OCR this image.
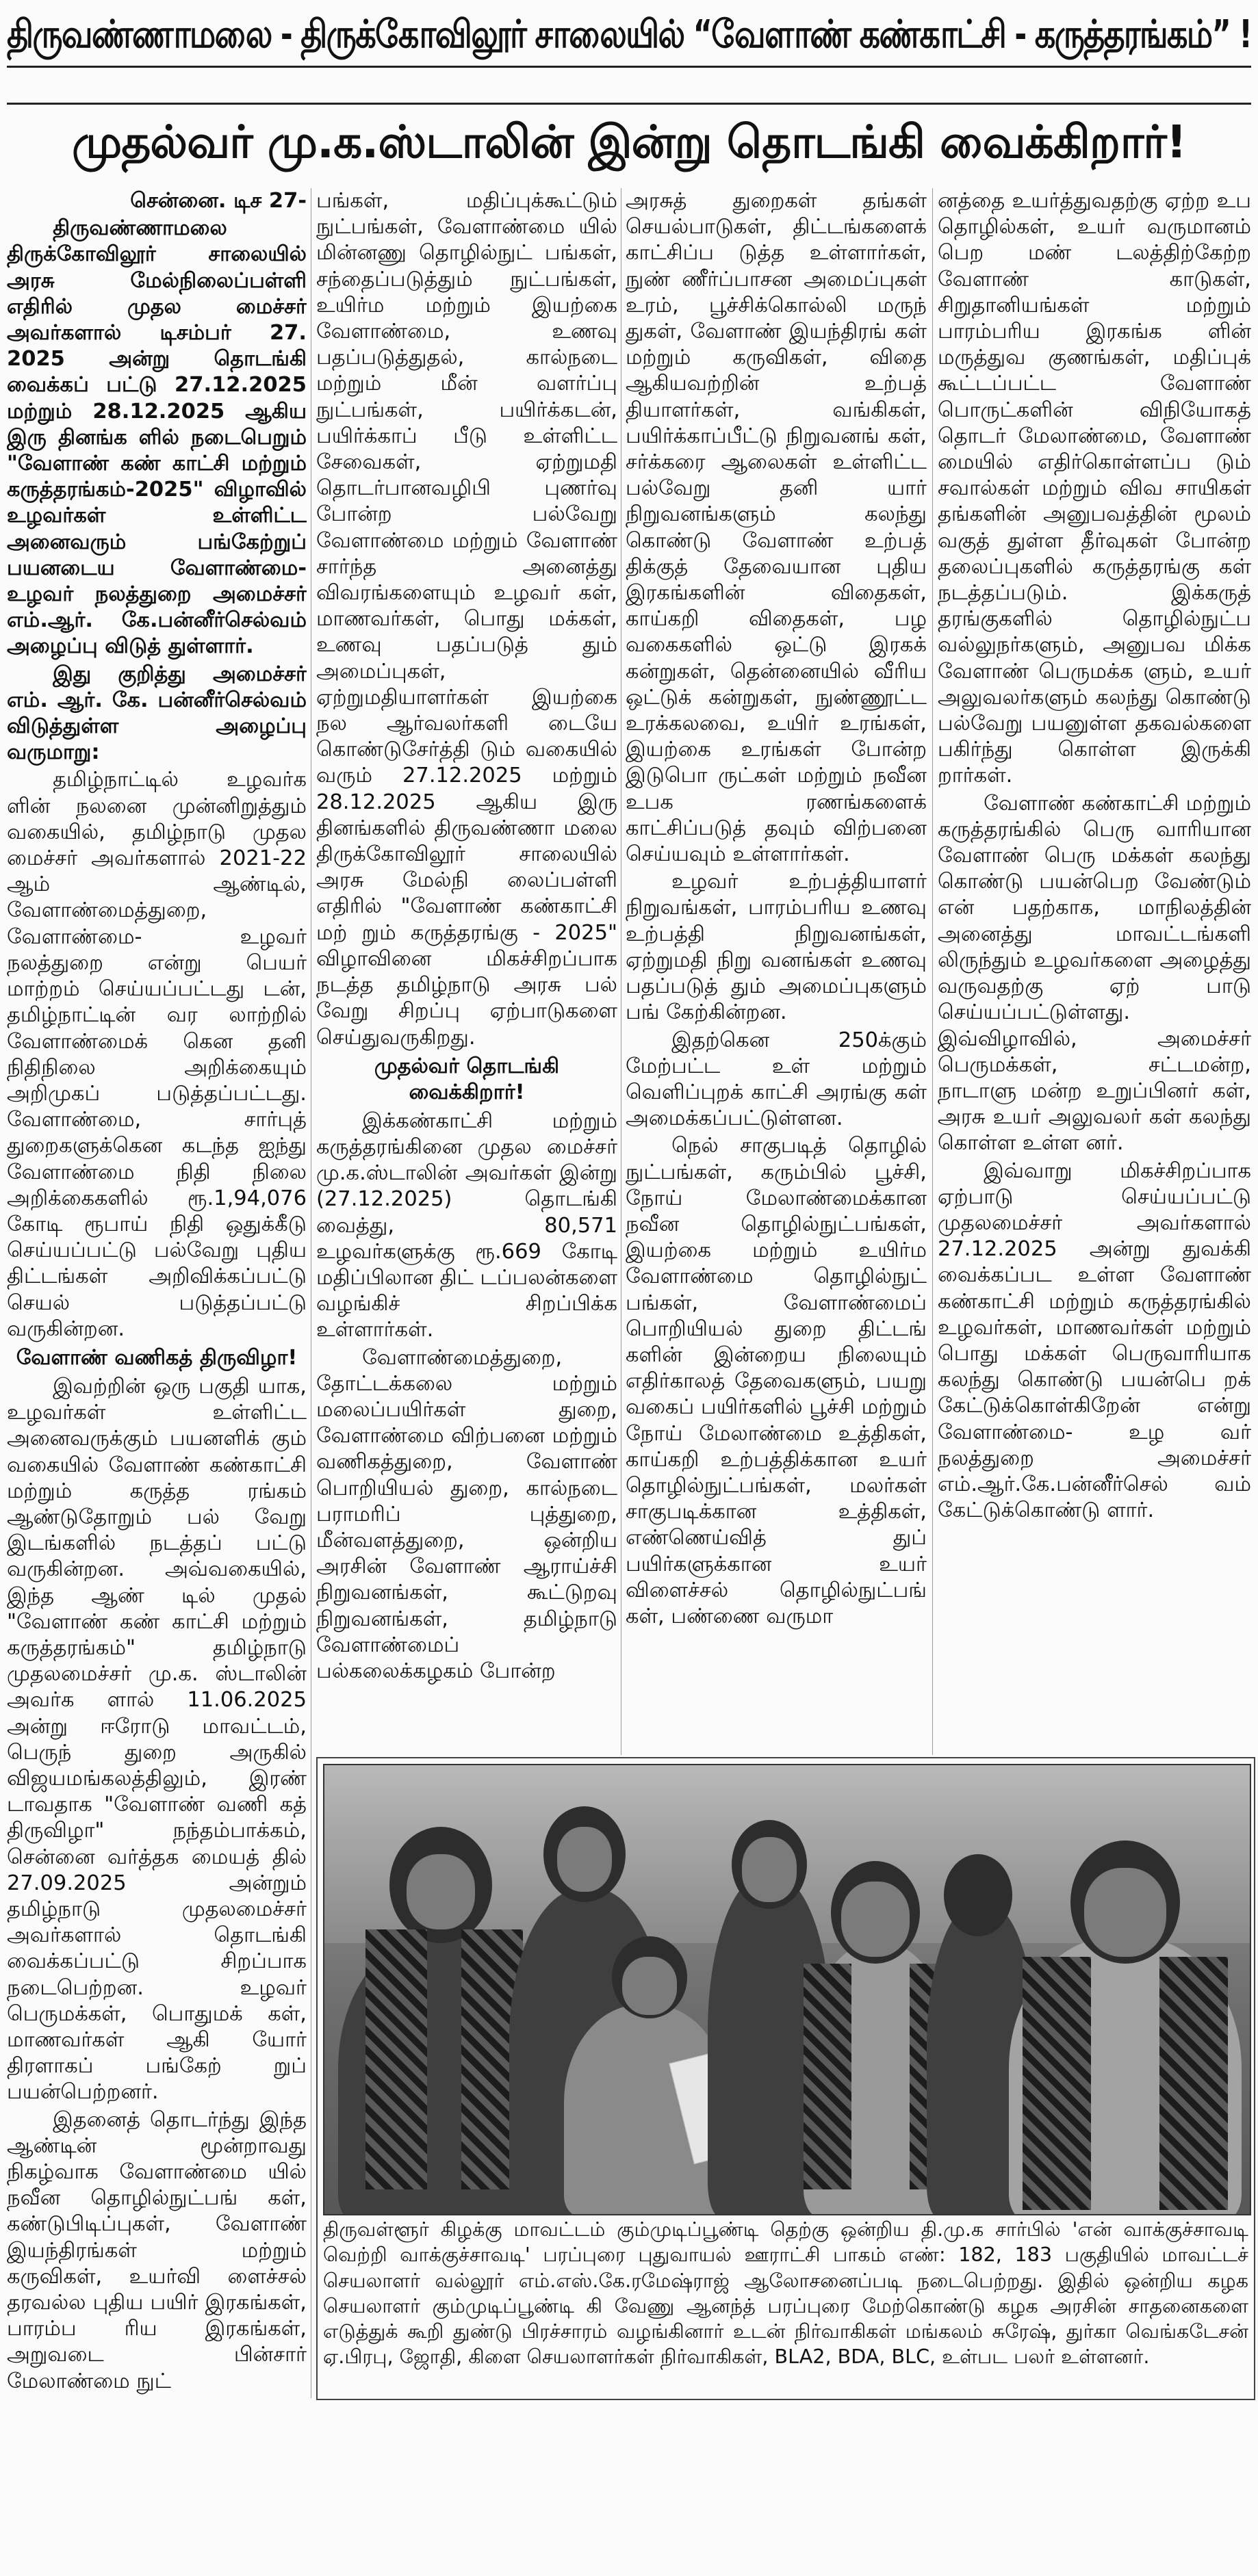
திருவண்ணாமலை - திருக்கோவிலூர் சாலையில் “வேளாண் கண்காட்சி - கருத்தரங்கம்” !
முதல்வர் மு.க.ஸ்டாலின் இன்று தொடங்கி வைக்கிறார்!

சென்னை. டிச 27-

திருவண்ணாமலை திருக்கோவிலூர் சாலையில் அரசு மேல்நிலைப்பள்ளி எதிரில் முதல மைச்சர் அவர்களால் டிசம்பர் 27. 2025 அன்று தொடங்கி வைக்கப் பட்டு 27.12.2025 மற்றும் 28.12.2025 ஆகிய இரு தினங்க ளில் நடைபெறும் "வேளாண் கண் காட்சி மற்றும் கருத்தரங்கம்-2025" விழாவில் உழவர்கள் உள்ளிட்ட அனைவரும் பங்கேற்றுப் பயனடைய வேளாண்மை-உழவர் நலத்துறை அமைச்சர் எம்.ஆர். கே.பன்னீர்செல்வம் அழைப்பு விடுத் துள்ளார்.

இது குறித்து அமைச்சர் எம். ஆர். கே. பன்னீர்செல்வம் விடுத்துள்ள அழைப்பு வருமாறு:

தமிழ்நாட்டில் உழவர்க ளின் நலனை முன்னிறுத்தும் வகையில், தமிழ்நாடு முதல மைச்சர் அவர்களால் 2021-22 ஆம் ஆண்டில், வேளாண்மைத்துறை, வேளாண்மை- உழவர் நலத்துறை என்று பெயர் மாற்றம் செய்யப்பட்டது டன், தமிழ்நாட்டின் வர லாற்றில் வேளாண்மைக் கென தனி நிதிநிலை அறிக்கையும் அறிமுகப் படுத்தப்பட்டது. வேளாண்மை, சார்புத் துறைகளுக்கென கடந்த ஐந்து வேளாண்மை நிதி நிலை அறிக்கைகளில் ரூ.1,94,076 கோடி ரூபாய் நிதி ஒதுக்கீடு செய்யப்பட்டு பல்வேறு புதிய திட்டங்கள் அறிவிக்கப்பட்டு செயல் படுத்தப்பட்டு வருகின்றன.

வேளாண் வணிகத் திருவிழா!

இவற்றின் ஒரு பகுதி யாக, உழவர்கள் உள்ளிட்ட அனைவருக்கும் பயனளிக் கும் வகையில் வேளாண் கண்காட்சி மற்றும் கருத்த ரங்கம் ஆண்டுதோறும் பல் வேறு இடங்களில் நடத்தப் பட்டு வருகின்றன. அவ்வகையில், இந்த ஆண் டில் முதல் "வேளாண் கண் காட்சி மற்றும் கருத்தரங்கம்" தமிழ்நாடு முதலமைச்சர் மு.க. ஸ்டாலின் அவர்க ளால் 11.06.2025 அன்று ஈரோடு மாவட்டம், பெருந் துறை அருகில் விஜயமங்கலத்திலும், இரண் டாவதாக "வேளாண் வணி கத் திருவிழா" நந்தம்பாக்கம், சென்னை வர்த்தக மையத் தில் 27.09.2025 அன்றும் தமிழ்நாடு முதலமைச்சர் அவர்களால் தொடங்கி வைக்கப்பட்டு சிறப்பாக நடைபெற்றன. உழவர் பெருமக்கள், பொதுமக் கள், மாணவர்கள் ஆகி யோர் திரளாகப் பங்கேற் றுப் பயன்பெற்றனர்.

இதனைத் தொடர்ந்து இந்த ஆண்டின் மூன்றாவது நிகழ்வாக வேளாண்மை யில் நவீன தொழில்நுட்பங் கள், கண்டுபிடிப்புகள், வேளாண் இயந்திரங்கள் மற்றும் கருவிகள், உயர்வி ளைச்சல் தரவல்ல புதிய பயிர் இரகங்கள், பாரம்ப ரிய இரகங்கள், அறுவடை பின்சார் மேலாண்மை நுட்

பங்கள், மதிப்புக்கூட்டும் நுட்பங்கள், வேளாண்மை யில் மின்னணு தொழில்நுட் பங்கள், சந்தைப்படுத்தும் நுட்பங்கள், உயிர்ம மற்றும் இயற்கை வேளாண்மை, உணவு பதப்படுத்துதல், கால்நடை மற்றும் மீன் வளர்ப்பு நுட்பங்கள், பயிர்க்கடன், பயிர்க்காப் பீடு உள்ளிட்ட சேவைகள், ஏற்றுமதி தொடர்பானவழிபி புணர்வு போன்ற பல்வேறு வேளாண்மை மற்றும் வேளாண் சார்ந்த அனைத்து விவரங்களையும் உழவர் கள், மாணவர்கள், பொது மக்கள், உணவு பதப்படுத் தும் அமைப்புகள், ஏற்றுமதியாளர்கள் இயற்கை நல ஆர்வலர்களி டையே கொண்டுசேர்த்தி டும் வகையில் வரும் 27.12.2025 மற்றும் 28.12.2025 ஆகிய இரு தினங்களில் திருவண்ணா மலை திருக்கோவிலூர் சாலையில் அரசு மேல்நி லைப்பள்ளி எதிரில் "வேளாண் கண்காட்சி மற் றும் கருத்தரங்கு - 2025" விழாவினை மிகச்சிறப்பாக நடத்த தமிழ்நாடு அரசு பல் வேறு சிறப்பு ஏற்பாடுகளை செய்துவருகிறது.

முதல்வர் தொடங்கி வைக்கிறார்!

இக்கண்காட்சி மற்றும் கருத்தரங்கினை முதல மைச்சர் மு.க.ஸ்டாலின் அவர்கள் இன்று (27.12.2025) தொடங்கி வைத்து, 80,571 உழவர்களுக்கு ரூ.669 கோடி மதிப்பிலான திட் டப்பலன்களை வழங்கிச் சிறப்பிக்க உள்ளார்கள்.

வேளாண்மைத்துறை, தோட்டக்கலை மற்றும் மலைப்பயிர்கள் துறை, வேளாண்மை விற்பனை மற்றும் வணிகத்துறை, வேளாண் பொறியியல் துறை, கால்நடை பராமரிப் புத்துறை, மீன்வளத்துறை, ஒன்றிய அரசின் வேளாண் ஆராய்ச்சி நிறுவனங்கள், கூட்டுறவு நிறுவனங்கள், தமிழ்நாடு வேளாண்மைப் பல்கலைக்கழகம் போன்ற

அரசுத் துறைகள் தங்கள் செயல்பாடுகள், திட்டங்களைக் காட்சிப்ப டுத்த உள்ளார்கள், நுண் ணீர்ப்பாசன அமைப்புகள் உரம், பூச்சிக்கொல்லி மருந் துகள், வேளாண் இயந்திரங் கள் மற்றும் கருவிகள், விதை ஆகியவற்றின் உற்பத் தியாளர்கள், வங்கிகள், பயிர்க்காப்பீட்டு நிறுவனங் கள், சர்க்கரை ஆலைகள் உள்ளிட்ட பல்வேறு தனி யார் நிறுவனங்களும் கலந்து கொண்டு வேளாண் உற்பத் திக்குத் தேவையான புதிய இரகங்களின் விதைகள், காய்கறி விதைகள், பழ வகைகளில் ஒட்டு இரகக் கன்றுகள், தென்னையில் வீரிய ஒட்டுக் கன்றுகள், நுண்ணூட்ட உரக்கலவை, உயிர் உரங்கள், இயற்கை உரங்கள் போன்ற இடுபொ ருட்கள் மற்றும் நவீன உபக ரணங்களைக் காட்சிப்படுத் தவும் விற்பனை செய்யவும் உள்ளார்கள்.

உழவர் உற்பத்தியாளர் நிறுவங்கள், பாரம்பரிய உணவு உற்பத்தி நிறுவனங்கள், ஏற்றுமதி நிறு வனங்கள் உணவு பதப்படுத் தும் அமைப்புகளும் பங் கேற்கின்றன.

இதற்கென 250க்கும் மேற்பட்ட உள் மற்றும் வெளிப்புறக் காட்சி அரங்கு கள் அமைக்கப்பட்டுள்ளன.

நெல் சாகுபடித் தொழில் நுட்பங்கள், கரும்பில் பூச்சி, நோய் மேலாண்மைக்கான நவீன தொழில்நுட்பங்கள், இயற்கை மற்றும் உயிர்ம வேளாண்மை தொழில்நுட் பங்கள், வேளாண்மைப் பொறியியல் துறை திட்டங் களின் இன்றைய நிலையும் எதிர்காலத் தேவைகளும், பயறு வகைப் பயிர்களில் பூச்சி மற்றும் நோய் மேலாண்மை உத்திகள், காய்கறி உற்பத்திக்கான உயர் தொழில்நுட்பங்கள், மலர்கள் சாகுபடிக்கான உத்திகள், எண்ணெய்வித் துப் பயிர்களுக்கான உயர் விளைச்சல் தொழில்நுட்பங் கள், பண்ணை வருமா

னத்தை உயர்த்துவதற்கு ஏற்ற உப தொழில்கள், உயர் வருமானம் பெற மண் டலத்திற்கேற்ற வேளாண் காடுகள், சிறுதானியங்கள் மற்றும் பாரம்பரிய இரகங்க ளின் மருத்துவ குணங்கள், மதிப்புக் கூட்டப்பட்ட வேளாண் பொருட்களின் விநியோகத் தொடர் மேலாண்மை, வேளாண் மையில் எதிர்கொள்ளப்ப டும் சவால்கள் மற்றும் விவ சாயிகள் தங்களின் அனுபவத்தின் மூலம் வகுத் துள்ள தீர்வுகள் போன்ற தலைப்புகளில் கருத்தரங்கு கள் நடத்தப்படும். இக்கருத் தரங்குகளில் தொழில்நுட்ப வல்லுநர்களும், அனுபவ மிக்க வேளாண் பெருமக்க ளும், உயர் அலுவலர்களும் கலந்து கொண்டு பல்வேறு பயனுள்ள தகவல்களை பகிர்ந்து கொள்ள இருக்கி றார்கள்.

வேளாண் கண்காட்சி மற்றும் கருத்தரங்கில் பெரு வாரியான வேளாண் பெரு மக்கள் கலந்து கொண்டு பயன்பெற வேண்டும் என் பதற்காக, மாநிலத்தின் அனைத்து மாவட்டங்களி லிருந்தும் உழவர்களை அழைத்து வருவதற்கு ஏற் பாடு செய்யப்பட்டுள்ளது. இவ்விழாவில், அமைச்சர் பெருமக்கள், சட்டமன்ற, நாடாளு மன்ற உறுப்பினர் கள், அரசு உயர் அலுவலர் கள் கலந்து கொள்ள உள்ள னர்.

இவ்வாறு மிகச்சிறப்பாக ஏற்பாடு செய்யப்பட்டு முதலமைச்சர் அவர்களால் 27.12.2025 அன்று துவக்கி வைக்கப்பட உள்ள வேளாண் கண்காட்சி மற்றும் கருத்தரங்கில் உழவர்கள், மாணவர்கள் மற்றும் பொது மக்கள் பெருவாரியாக கலந்து கொண்டு பயன்பெ றக் கேட்டுக்கொள்கிறேன் என்று வேளாண்மை- உழ வர் நலத்துறை அமைச்சர் எம்.ஆர்.கே.பன்னீர்செல் வம் கேட்டுக்கொண்டு ளார்.

திருவள்ளூர் கிழக்கு மாவட்டம் கும்முடிப்பூண்டி தெற்கு ஒன்றிய தி.மு.க சார்பில் 'என் வாக்குச்சாவடி வெற்றி வாக்குச்சாவடி' பரப்புரை புதுவாயல் ஊராட்சி பாகம் எண்: 182, 183 பகுதியில் மாவட்டச் செயலாளர் வல்லூர் எம்.எஸ்.கே.ரமேஷ்ராஜ் ஆலோசனைப்படி நடைபெற்றது. இதில் ஒன்றிய கழக செயலாளர் கும்முடிப்பூண்டி கி வேணு ஆனந்த் பரப்புரை மேற்கொண்டு கழக அரசின் சாதனைகளை எடுத்துக் கூறி துண்டு பிரச்சாரம் வழங்கினார் உடன் நிர்வாகிகள் மங்கலம் சுரேஷ், துர்கா வெங்கடேசன் ஏ.பிரபு, ஜோதி, கிளை செயலாளர்கள் நிர்வாகிகள், BLA2, BDA, BLC, உள்பட பலர் உள்ளனர்.
